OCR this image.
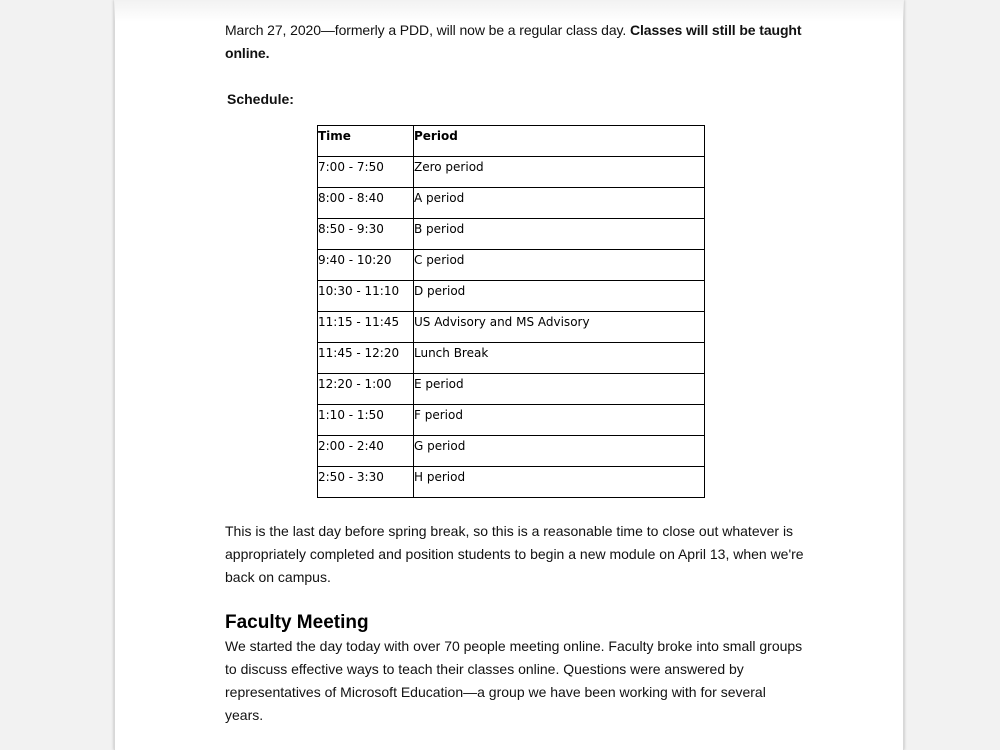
March 27, 2020—formerly a PDD, will now be a regular class day. Classes will still be taught online.

Schedule:

Time	Period
7:00 - 7:50	Zero period
8:00 - 8:40	A period
8:50 - 9:30	B period
9:40 - 10:20	C period
10:30 - 11:10	D period
11:15 - 11:45	US Advisory and MS Advisory
11:45 - 12:20	Lunch Break
12:20 - 1:00	E period
1:10 - 1:50	F period
2:00 - 2:40	G period
2:50 - 3:30	H period

This is the last day before spring break, so this is a reasonable time to close out whatever is appropriately completed and position students to begin a new module on April 13, when we're back on campus.

Faculty Meeting

We started the day today with over 70 people meeting online. Faculty broke into small groups to discuss effective ways to teach their classes online. Questions were answered by representatives of Microsoft Education—a group we have been working with for several years.
